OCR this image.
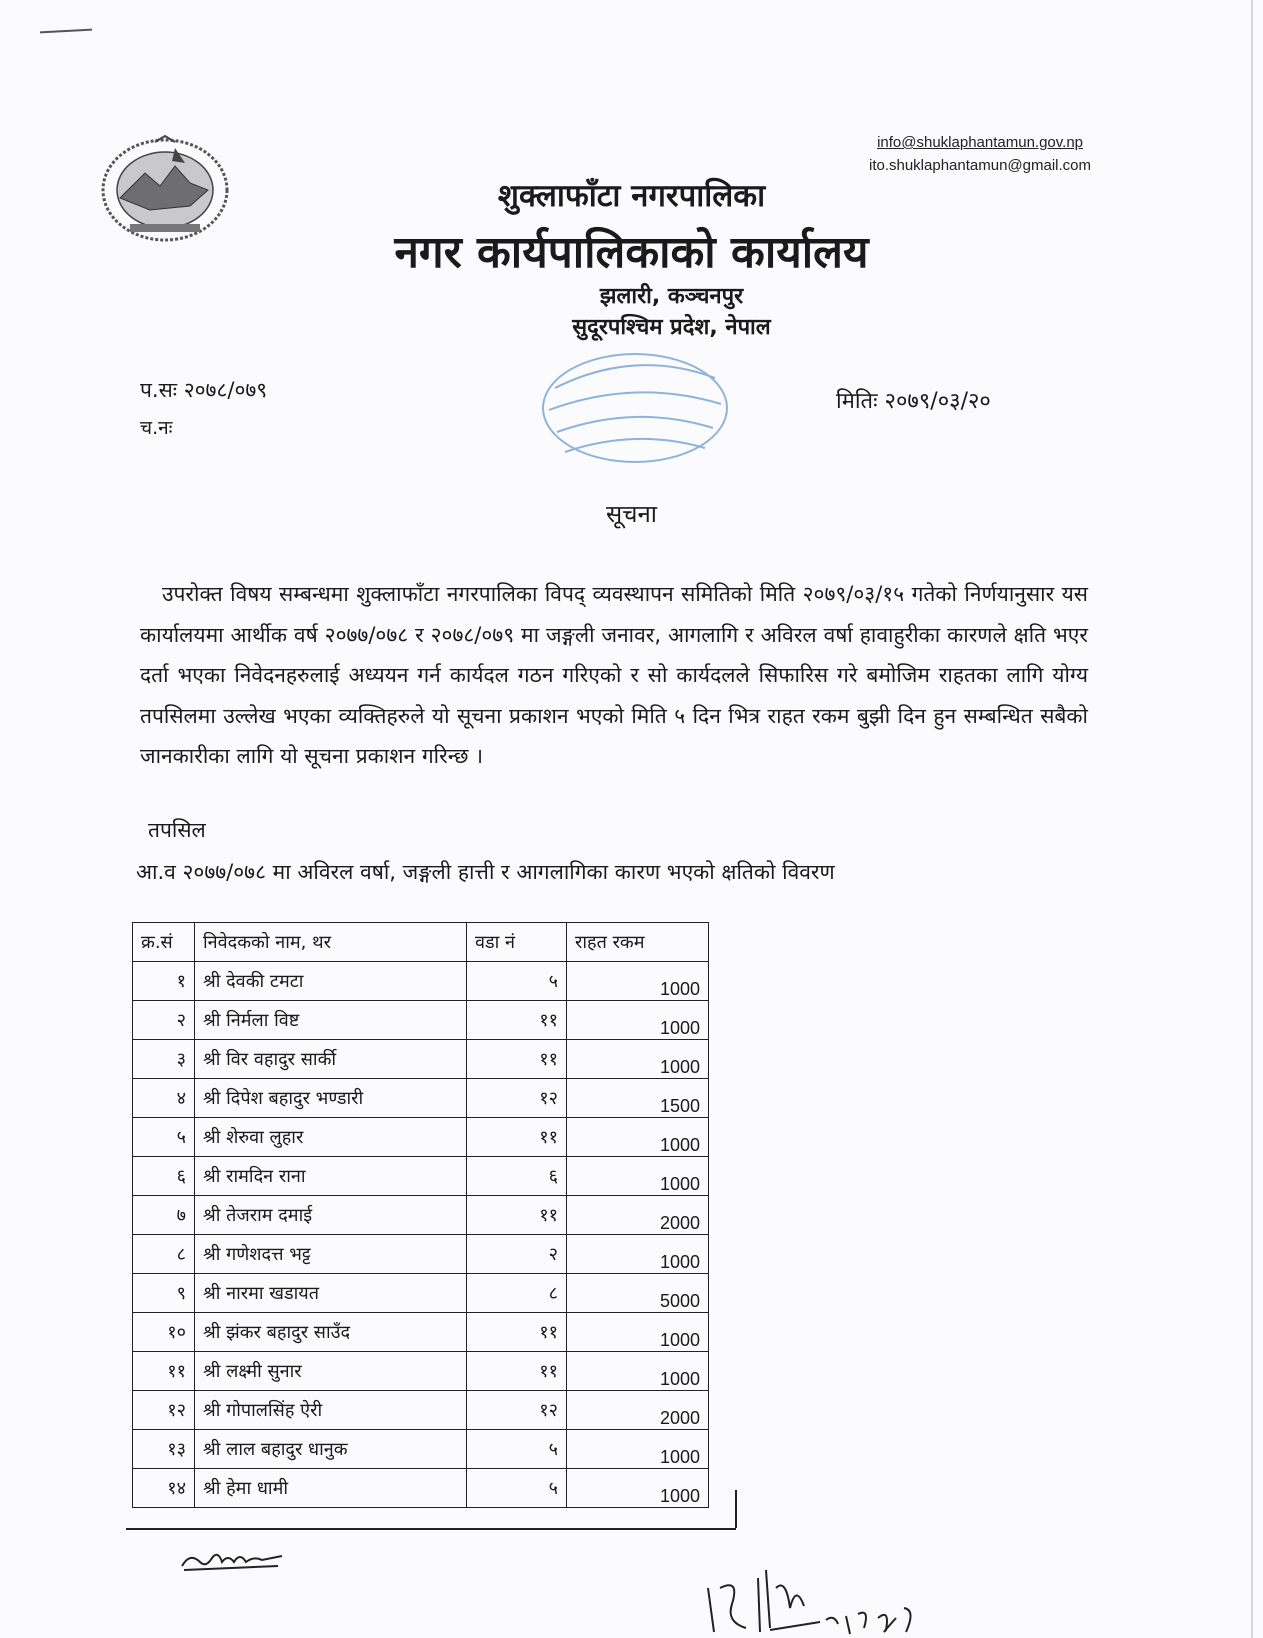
info@shuklaphantamun.gov.np
ito.shuklaphantamun@gmail.com
शुक्लाफाँटा नगरपालिका
नगर कार्यपालिकाको कार्यालय
झलारी, कञ्चनपुर
सुदूरपश्चिम प्रदेश, नेपाल
प.सः २०७८/०७९
च.नः
मितिः २०७९/०३/२०
सूचना
उपरोक्त विषय सम्बन्धमा शुक्लाफाँटा नगरपालिका विपद् व्यवस्थापन समितिको मिति २०७९/०३/१५ गतेको निर्णयानुसार यस कार्यालयमा आर्थीक वर्ष २०७७/०७८ र २०७८/०७९ मा जङ्गली जनावर, आगलागि र अविरल वर्षा हावाहुरीका कारणले क्षति भएर दर्ता भएका निवेदनहरुलाई अध्ययन गर्न कार्यदल गठन गरिएको र सो कार्यदलले सिफारिस गरे बमोजिम राहतका लागि योग्य तपसिलमा उल्लेख भएका व्यक्तिहरुले यो सूचना प्रकाशन भएको मिति ५ दिन भित्र राहत रकम बुझी दिन हुन सम्बन्धित सबैको जानकारीका लागि यो सूचना प्रकाशन गरिन्छ ।
तपसिल
आ.व २०७७/०७८ मा अविरल वर्षा, जङ्गली हात्ती र आगलागिका कारण भएको क्षतिको विवरण
क्र.सं	निवेदकको नाम, थर	वडा नं	राहत रकम
१	श्री देवकी टमटा	५	1000
२	श्री निर्मला विष्ट	११	1000
३	श्री विर वहादुर सार्की	११	1000
४	श्री दिपेश बहादुर भण्डारी	१२	1500
५	श्री शेरुवा लुहार	११	1000
६	श्री रामदिन राना	६	1000
७	श्री तेजराम दमाई	११	2000
८	श्री गणेशदत्त भट्ट	२	1000
९	श्री नारमा खडायत	८	5000
१०	श्री झंकर बहादुर साउँद	११	1000
११	श्री लक्ष्मी सुनार	११	1000
१२	श्री गोपालसिंह ऐरी	१२	2000
१३	श्री लाल बहादुर धानुक	५	1000
१४	श्री हेमा धामी	५	1000
